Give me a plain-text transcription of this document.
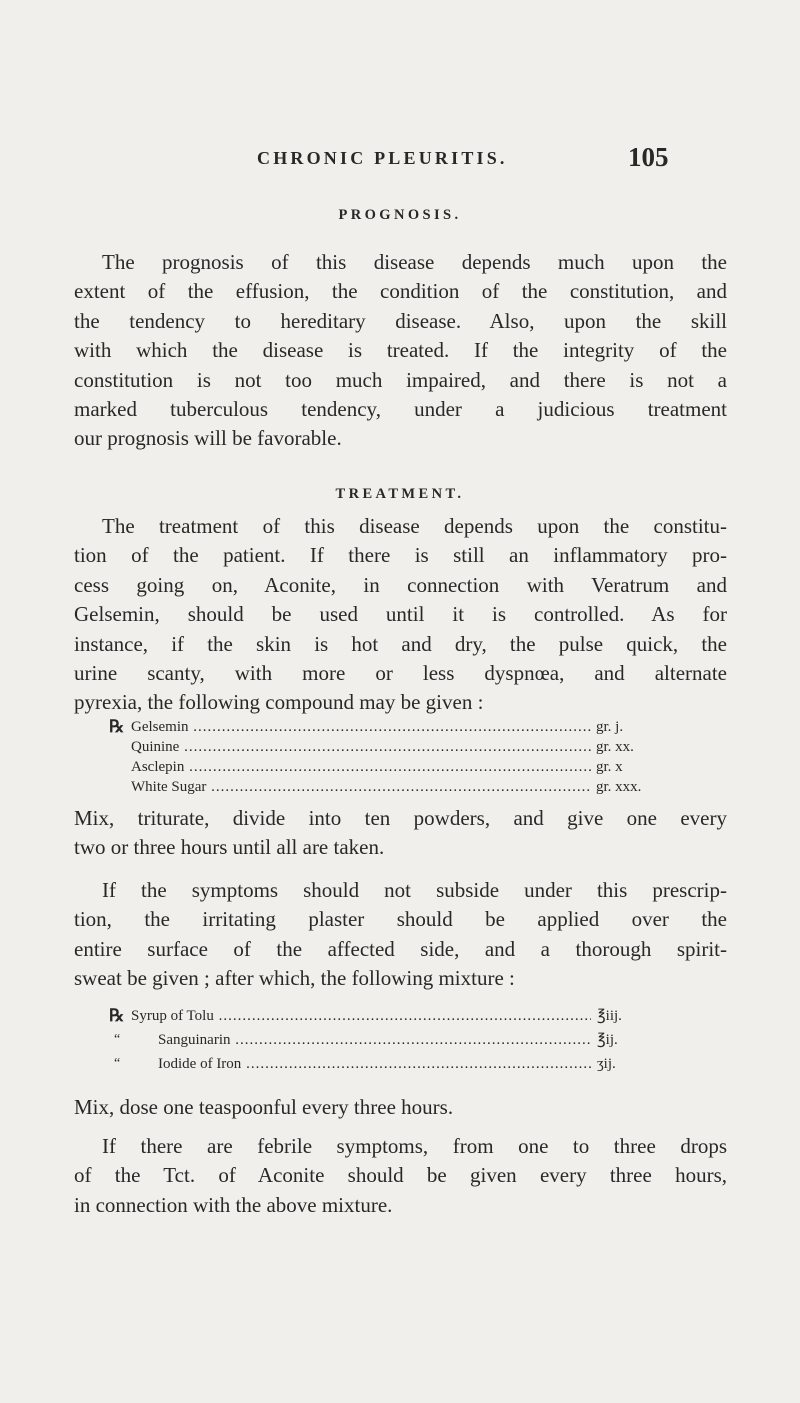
CHRONIC PLEURITIS.	105
PROGNOSIS.
The prognosis of this disease depends much upon the
extent of the effusion, the condition of the constitution, and
the tendency to hereditary disease. Also, upon the skill
with which the disease is treated. If the integrity of the
constitution is not too much impaired, and there is not a
marked tuberculous tendency, under a judicious treatment
our prognosis will be favorable.
TREATMENT.
The treatment of this disease depends upon the constitu-
tion of the patient. If there is still an inflammatory pro-
cess going on, Aconite, in connection with Veratrum and
Gelsemin, should be used until it is controlled. As for
instance, if the skin is hot and dry, the pulse quick, the
urine scanty, with more or less dyspnœa, and alternate
pyrexia, the following compound may be given :
℞ Gelsemin .....	gr. j.
Quinine .....	gr. xx.
Asclepin .....	gr. x
White Sugar .....	gr. xxx.
Mix, triturate, divide into ten powders, and give one every
two or three hours until all are taken.
If the symptoms should not subside under this prescrip-
tion, the irritating plaster should be applied over the
entire surface of the affected side, and a thorough spirit-
sweat be given ; after which, the following mixture :
℞ Syrup of Tolu .....	℥iij.
“	Sanguinarin .....	℥ij.
“	Iodide of Iron .....	ʒij.
Mix, dose one teaspoonful every three hours.
If there are febrile symptoms, from one to three drops
of the Tct. of Aconite should be given every three hours,
in connection with the above mixture.
